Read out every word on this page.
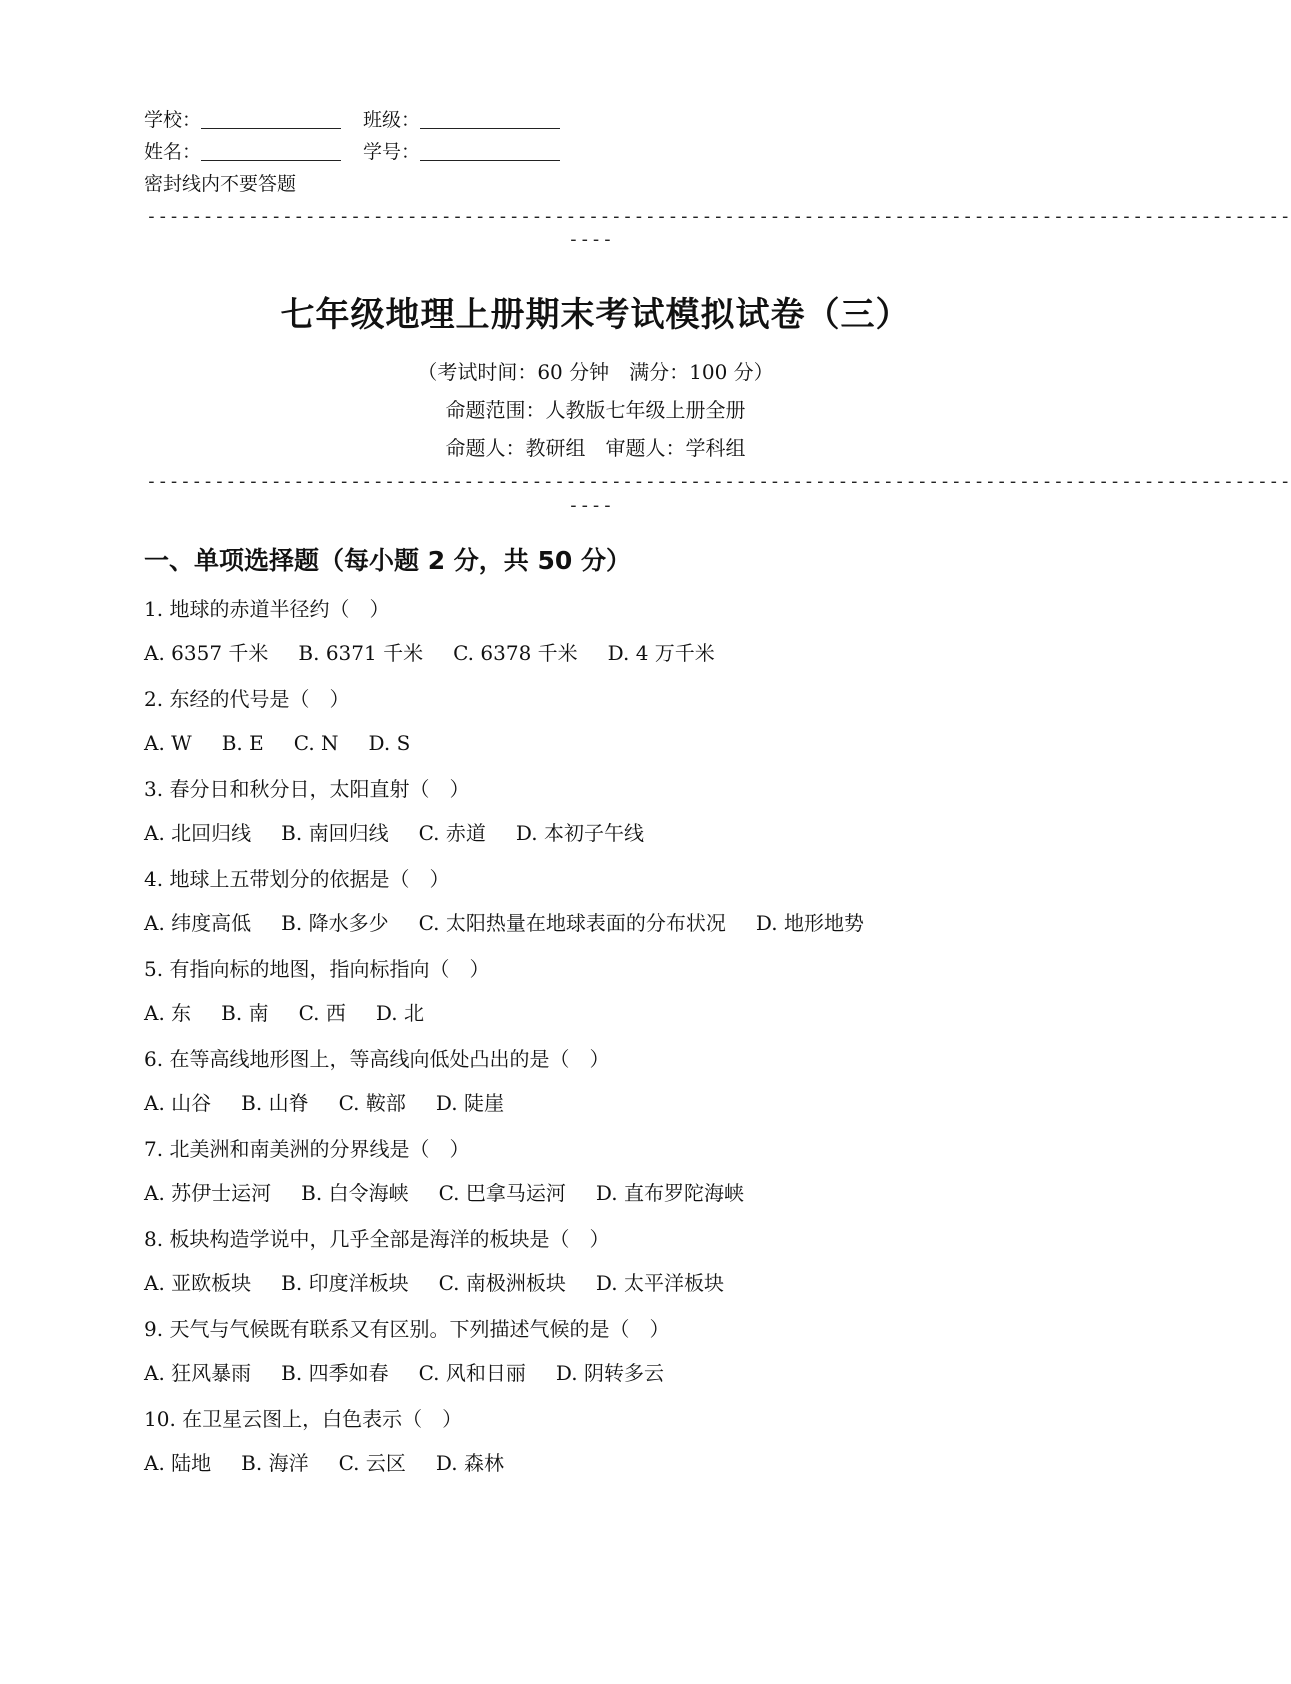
学校：	班级：
姓名：	学号：
密封线内不要答题
-----------------------------------------------------------------------------------------------------
----
七年级地理上册期末考试模拟试卷（三）
（考试时间：60 分钟　满分：100 分）
命题范围：人教版七年级上册全册
命题人：教研组　审题人：学科组
-----------------------------------------------------------------------------------------------------
----
一、单项选择题（每小题 2 分，共 50 分）
1. 地球的赤道半径约（　）
A. 6357 千米 B. 6371 千米 C. 6378 千米 D. 4 万千米
2. 东经的代号是（　）
A. W B. E C. N D. S
3. 春分日和秋分日，太阳直射（　）
A. 北回归线 B. 南回归线 C. 赤道 D. 本初子午线
4. 地球上五带划分的依据是（　）
A. 纬度高低 B. 降水多少 C. 太阳热量在地球表面的分布状况 D. 地形地势
5. 有指向标的地图，指向标指向（　）
A. 东 B. 南 C. 西 D. 北
6. 在等高线地形图上，等高线向低处凸出的是（　）
A. 山谷 B. 山脊 C. 鞍部 D. 陡崖
7. 北美洲和南美洲的分界线是（　）
A. 苏伊士运河 B. 白令海峡 C. 巴拿马运河 D. 直布罗陀海峡
8. 板块构造学说中，几乎全部是海洋的板块是（　）
A. 亚欧板块 B. 印度洋板块 C. 南极洲板块 D. 太平洋板块
9. 天气与气候既有联系又有区别。下列描述气候的是（　）
A. 狂风暴雨 B. 四季如春 C. 风和日丽 D. 阴转多云
10. 在卫星云图上，白色表示（　）
A. 陆地 B. 海洋 C. 云区 D. 森林
